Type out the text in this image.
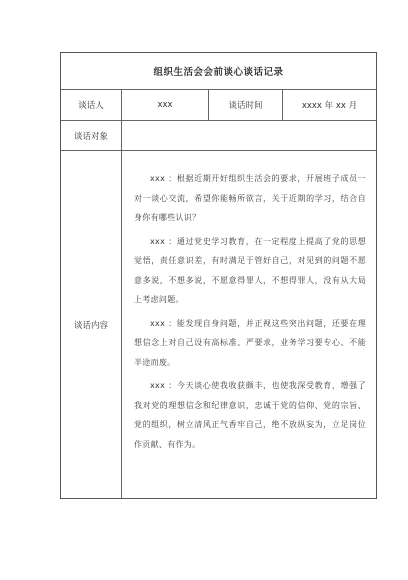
组织生活会会前谈心谈话记录
谈话人	xxx	谈话时间	xxxx 年 xx 月
谈话对象
谈话内容

xxx ：根据近期开好组织生活会的要求，开展班子成员一对一谈心交流，希望你能畅所欲言，关于近期的学习，结合自身你有哪些认识？

xxx ：通过党史学习教育，在一定程度上提高了党的思想觉悟，责任意识差，有时满足于管好自己，对见到的问题不愿意多说，不想多说，不愿意得罪人，不想得罪人，没有从大局上考虑问题。

xxx ：能发现自身问题，并正视这些突出问题，还要在理想信念上对自己设有高标准、严要求，业务学习要专心、不能半途而废。

xxx ：今天谈心使我收获颇丰，也使我深受教育，增强了我对党的理想信念和纪律意识，忠诚于党的信仰、党的宗旨、党的组织，树立清风正气香牢自己，绝不放纵妄为，立足岗位作贡献、有作为。
